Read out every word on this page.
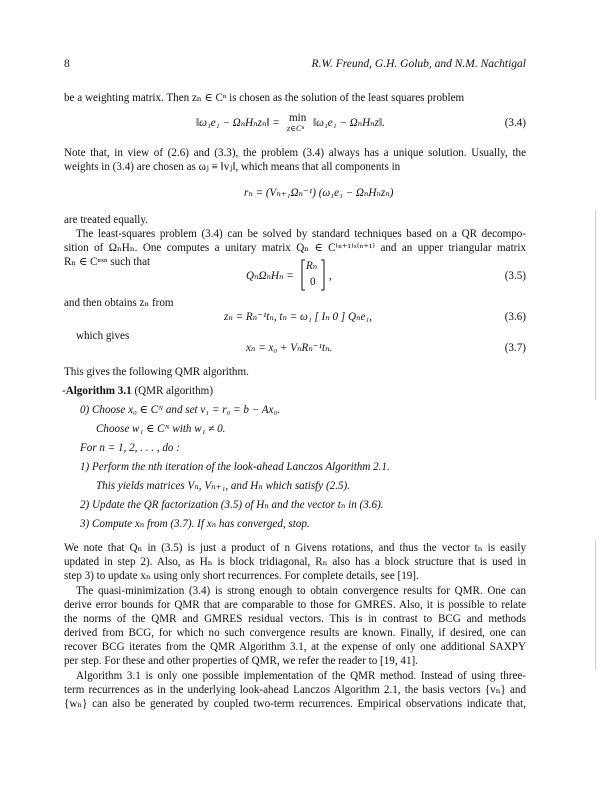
8	R.W. Freund, G.H. Golub, and N.M. Nachtigal
be a weighting matrix. Then zₙ ∈ Cⁿ is chosen as the solution of the least squares problem
‖ω₁e₁ − ΩₙHₙzₙ‖ = min
z∈Cⁿ ‖ω₁e₁ − ΩₙHₙz‖.	(3.4)
Note that, in view of (2.6) and (3.3), the problem (3.4) always has a unique solution. Usually, the
weights in (3.4) are chosen as ωⱼ ≡ ‖vⱼ‖, which means that all components in
rₙ = (Vₙ₊₁Ωₙ⁻¹) (ω₁e₁ − ΩₙHₙzₙ)
are treated equally.
The least-squares problem (3.4) can be solved by standard techniques based on a QR decompo-
sition of ΩₙHₙ. One computes a unitary matrix Qₙ ∈ C⁽ⁿ⁺¹⁾ˣ⁽ⁿ⁺¹⁾ and an upper triangular matrix
Rₙ ∈ Cⁿˣⁿ such that
QₙΩₙHₙ =
Rₙ
0 ,	(3.5)
and then obtains zₙ from
zₙ = Rₙ⁻¹tₙ, tₙ = ω₁ [ Iₙ 0 ] Qₙe₁,	(3.6)
which gives
xₙ = x₀ + VₙRₙ⁻¹tₙ.	(3.7)
This gives the following QMR algorithm.
-Algorithm 3.1 (QMR algorithm)
0) Choose x₀ ∈ Cᴺ and set v₁ = r₀ = b − Ax₀.
Choose w₁ ∈ Cᴺ with w₁ ≠ 0.
For n = 1, 2, . . . , do :
1) Perform the nth iteration of the look-ahead Lanczos Algorithm 2.1.
This yields matrices Vₙ, Vₙ₊₁, and Hₙ which satisfy (2.5).
2) Update the QR factorization (3.5) of Hₙ and the vector tₙ in (3.6).
3) Compute xₙ from (3.7). If xₙ has converged, stop.
We note that Qₙ in (3.5) is just a product of n Givens rotations, and thus the vector tₙ is easily
updated in step 2). Also, as Hₙ is block tridiagonal, Rₙ also has a block structure that is used in
step 3) to update xₙ using only short recurrences. For complete details, see [19].
The quasi-minimization (3.4) is strong enough to obtain convergence results for QMR. One can
derive error bounds for QMR that are comparable to those for GMRES. Also, it is possible to relate
the norms of the QMR and GMRES residual vectors. This is in contrast to BCG and methods
derived from BCG, for which no such convergence results are known. Finally, if desired, one can
recover BCG iterates from the QMR Algorithm 3.1, at the expense of only one additional SAXPY
per step. For these and other properties of QMR, we refer the reader to [19, 41].
Algorithm 3.1 is only one possible implementation of the QMR method. Instead of using three-
term recurrences as in the underlying look-ahead Lanczos Algorithm 2.1, the basis vectors {vₙ} and
{wₙ} can also be generated by coupled two-term recurrences. Empirical observations indicate that,
